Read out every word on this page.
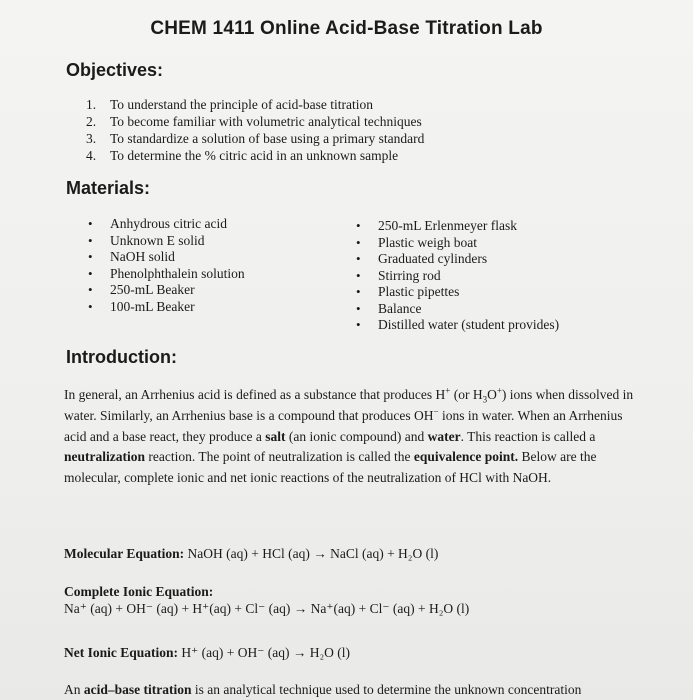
CHEM 1411 Online Acid-Base Titration Lab
Objectives:
1. To understand the principle of acid-base titration
2. To become familiar with volumetric analytical techniques
3. To standardize a solution of base using a primary standard
4. To determine the % citric acid in an unknown sample
Materials:
• Anhydrous citric acid
• Unknown E solid
• NaOH solid
• Phenolphthalein solution
• 250-mL Beaker
• 100-mL Beaker
• 250-mL Erlenmeyer flask
• Plastic weigh boat
• Graduated cylinders
• Stirring rod
• Plastic pipettes
• Balance
• Distilled water (student provides)
Introduction:

In general, an Arrhenius acid is defined as a substance that produces H+ (or $H_3O^+$) ions when dissolved in water. Similarly, an Arrhenius base is a compound that produces OH− ions in water. When an Arrhenius acid and a base react, they produce a salt (an ionic compound) and water. This reaction is called a neutralization reaction. The point of neutralization is called the equivalence point. Below are the molecular, complete ionic and net ionic reactions of the neutralization of HCl with NaOH.

Molecular Equation: NaOH (aq) + HCl (aq) → NaCl (aq) + H₂O (l)
Complete Ionic Equation:
Na⁺ (aq) + OH⁻ (aq) + H⁺(aq) + Cl⁻ (aq) → Na⁺(aq) + Cl⁻ (aq) + H₂O (l)
Net Ionic Equation: H⁺ (aq) + OH⁻ (aq) → H₂O (l)
An acid–base titration is an analytical technique used to determine the unknown concentration
